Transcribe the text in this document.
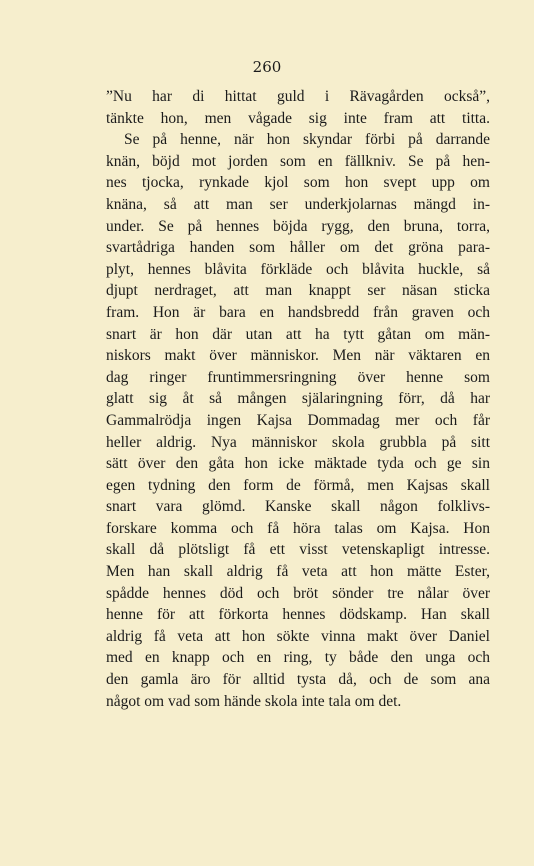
260
”Nu har di hittat guld i Rävagården också”,
tänkte hon, men vågade sig inte fram att titta.
Se på henne, när hon skyndar förbi på darrande
knän, böjd mot jorden som en fällkniv. Se på hen-
nes tjocka, rynkade kjol som hon svept upp om
knäna, så att man ser underkjolarnas mängd in-
under. Se på hennes böjda rygg, den bruna, torra,
svartådriga handen som håller om det gröna para-
plyt, hennes blåvita förkläde och blåvita huckle, så
djupt nerdraget, att man knappt ser näsan sticka
fram. Hon är bara en handsbredd från graven och
snart är hon där utan att ha tytt gåtan om män-
niskors makt över människor. Men när väktaren en
dag ringer fruntimmersringning över henne som
glatt sig åt så mången själaringning förr, då har
Gammalrödja ingen Kajsa Dommadag mer och får
heller aldrig. Nya människor skola grubbla på sitt
sätt över den gåta hon icke mäktade tyda och ge sin
egen tydning den form de förmå, men Kajsas skall
snart vara glömd. Kanske skall någon folklivs-
forskare komma och få höra talas om Kajsa. Hon
skall då plötsligt få ett visst vetenskapligt intresse.
Men han skall aldrig få veta att hon mätte Ester,
spådde hennes död och bröt sönder tre nålar över
henne för att förkorta hennes dödskamp. Han skall
aldrig få veta att hon sökte vinna makt över Daniel
med en knapp och en ring, ty både den unga och
den gamla äro för alltid tysta då, och de som ana
något om vad som hände skola inte tala om det.
